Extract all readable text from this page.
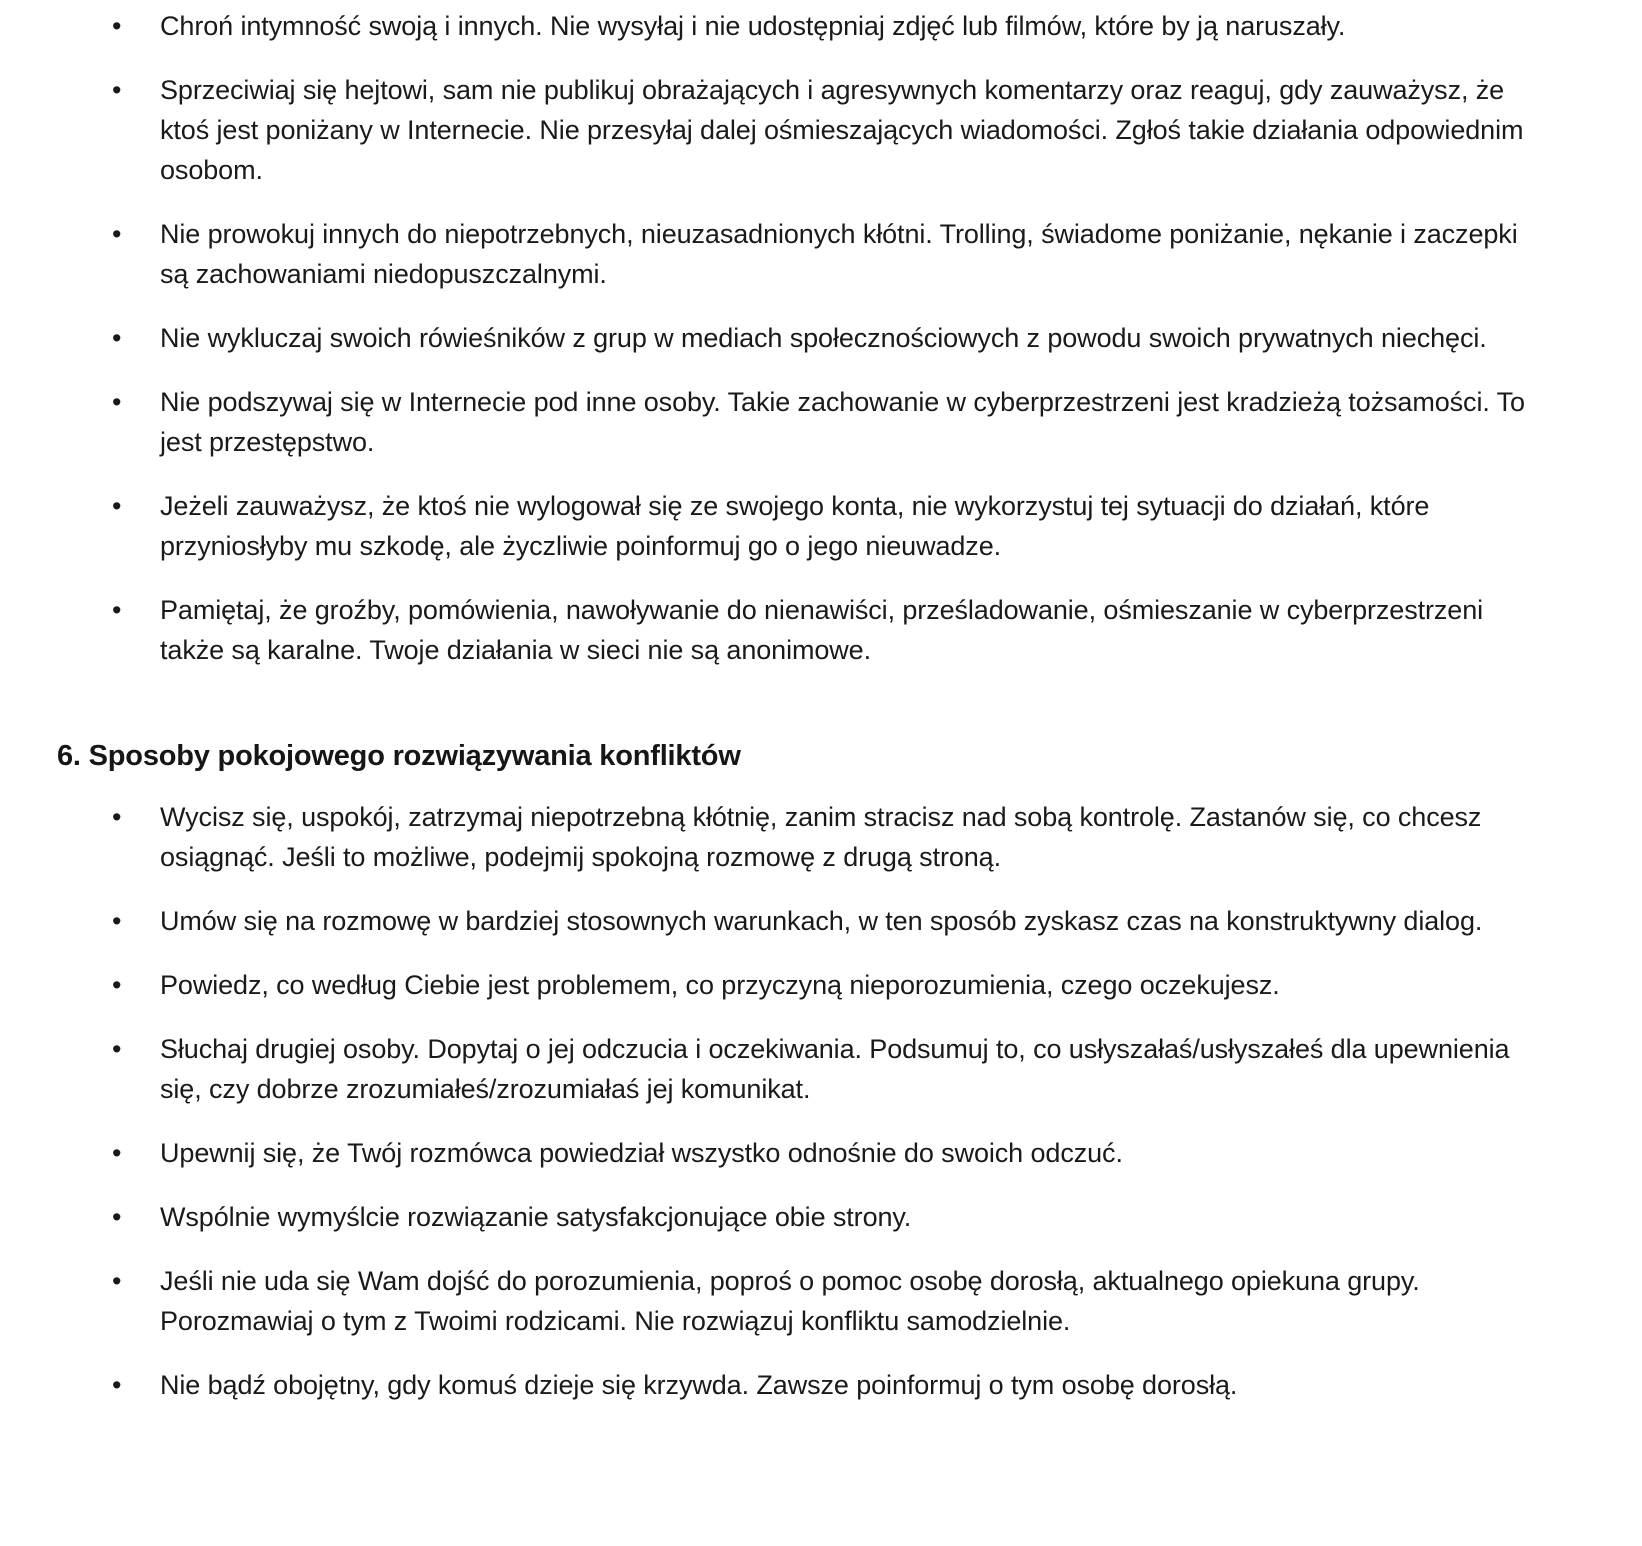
•	Chroń intymność swoją i innych. Nie wysyłaj i nie udostępniaj zdjęć lub filmów, które by ją naruszały.
•	Sprzeciwiaj się hejtowi, sam nie publikuj obrażających i agresywnych komentarzy oraz reaguj, gdy zauważysz, że ktoś jest poniżany w Internecie. Nie przesyłaj dalej ośmieszających wiadomości. Zgłoś takie działania odpowiednim osobom.
•	Nie prowokuj innych do niepotrzebnych, nieuzasadnionych kłótni. Trolling, świadome poniżanie, nękanie i zaczepki są zachowaniami niedopuszczalnymi.
•	Nie wykluczaj swoich rówieśników z grup w mediach społecznościowych z powodu swoich prywatnych niechęci.
•	Nie podszywaj się w Internecie pod inne osoby. Takie zachowanie w cyberprzestrzeni jest kradzieżą tożsamości. To jest przestępstwo.
•	Jeżeli zauważysz, że ktoś nie wylogował się ze swojego konta, nie wykorzystuj tej sytuacji do działań, które przyniosłyby mu szkodę, ale życzliwie poinformuj go o jego nieuwadze.
•	Pamiętaj, że groźby, pomówienia, nawoływanie do nienawiści, prześladowanie, ośmieszanie w cyberprzestrzeni także są karalne. Twoje działania w sieci nie są anonimowe.
6. Sposoby pokojowego rozwiązywania konfliktów
•	Wycisz się, uspokój, zatrzymaj niepotrzebną kłótnię, zanim stracisz nad sobą kontrolę. Zastanów się, co chcesz osiągnąć. Jeśli to możliwe, podejmij spokojną rozmowę z drugą stroną.
•	Umów się na rozmowę w bardziej stosownych warunkach, w ten sposób zyskasz czas na konstruktywny dialog.
•	Powiedz, co według Ciebie jest problemem, co przyczyną nieporozumienia, czego oczekujesz.
•	Słuchaj drugiej osoby. Dopytaj o jej odczucia i oczekiwania. Podsumuj to, co usłyszałaś/usłyszałeś dla upewnienia się, czy dobrze zrozumiałeś/zrozumiałaś jej komunikat.
•	Upewnij się, że Twój rozmówca powiedział wszystko odnośnie do swoich odczuć.
•	Wspólnie wymyślcie rozwiązanie satysfakcjonujące obie strony.
•	Jeśli nie uda się Wam dojść do porozumienia, poproś o pomoc osobę dorosłą, aktualnego opiekuna grupy. Porozmawiaj o tym z Twoimi rodzicami. Nie rozwiązuj konfliktu samodzielnie.
•	Nie bądź obojętny, gdy komuś dzieje się krzywda. Zawsze poinformuj o tym osobę dorosłą.
